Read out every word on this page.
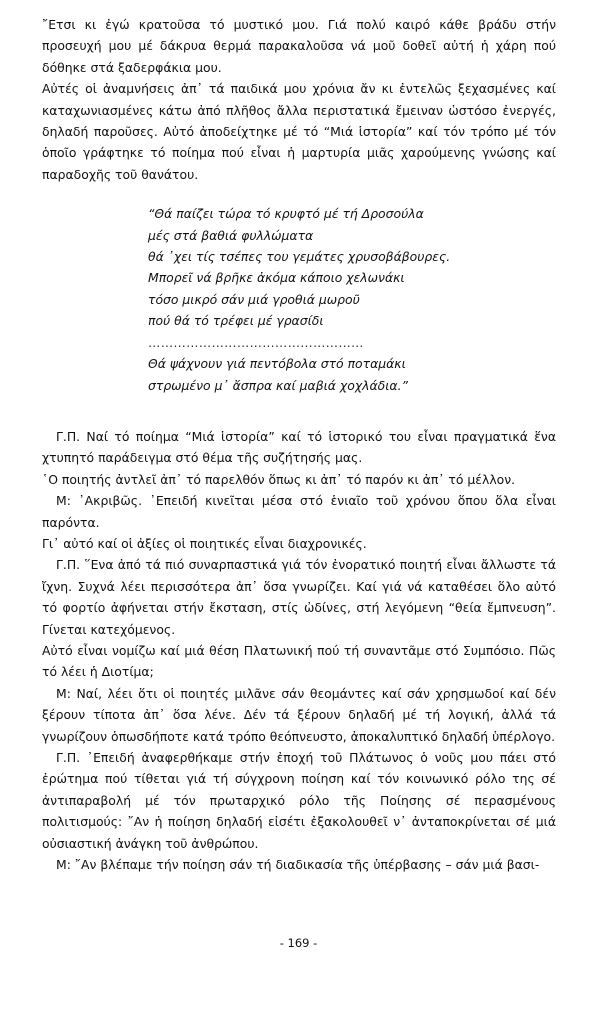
῎Ετσι κι ἐγώ κρατοῦσα τό μυστικό μου. Γιά πολύ καιρό κάθε βράδυ στήν προσευχή μου μέ δάκρυα θερμά παρακαλοῦσα νά μοῦ δοθεῖ αὐτή ἡ χάρη πού δόθηκε στά ξαδερφάκια μου.

Αὐτές οἱ ἀναμνήσεις ἀπ᾽ τά παιδικά μου χρόνια ἄν κι ἐντελῶς ξεχασμένες καί καταχωνιασμένες κάτω ἀπό πλῆθος ἄλλα περιστατικά ἔμειναν ὡστόσο ἐνεργές, δηλαδή παροῦσες. Αὐτό ἀποδείχτηκε μέ τό “Μιά ἱστορία” καί τόν τρόπο μέ τόν ὁποῖο γράφτηκε τό ποίημα πού εἶναι ἡ μαρτυρία μιᾶς χαρούμενης γνώσης καί παραδοχῆς τοῦ θανάτου.

“Θά παίζει τώρα τό κρυφτό μέ τή Δροσούλα
μές στά βαθιά φυλλώματα
θά ᾽χει τίς τσέπες του γεμάτες χρυσοβάβουρες.
Μπορεῖ νά βρῆκε ἀκόμα κάποιο χελωνάκι
τόσο μικρό σάν μιά γροθιά μωροῦ
πού θά τό τρέφει μέ γρασίδι
……………………………………………
Θά ψάχνουν γιά πεντόβολα στό ποταμάκι
στρωμένο μ᾽ ἄσπρα καί μαβιά χοχλάδια.”

Γ.Π. Ναί τό ποίημα “Μιά ἱστορία” καί τό ἱστορικό του εἶναι πραγματικά ἕνα χτυπητό παράδειγμα στό θέμα τῆς συζήτησής μας.

῾Ο ποιητής ἀντλεῖ ἀπ᾽ τό παρελθόν ὅπως κι ἀπ᾽ τό παρόν κι ἀπ᾽ τό μέλλον.

Μ: ᾽Ακριβῶς. ᾽Επειδή κινεῖται μέσα στό ἑνιαῖο τοῦ χρόνου ὅπου ὅλα εἶναι παρόντα.

Γι᾽ αὐτό καί οἱ ἀξίες οἱ ποιητικές εἶναι διαχρονικές.

Γ.Π. ῞Ενα ἀπό τά πιό συναρπαστικά γιά τόν ἐνορατικό ποιητή εἶναι ἄλλωστε τά ἴχνη. Συχνά λέει περισσότερα ἀπ᾽ ὅσα γνωρίζει. Καί γιά νά καταθέσει ὅλο αὐτό τό φορτίο ἀφήνεται στήν ἔκσταση, στίς ὠδίνες, στή λεγόμενη “θεία ἔμπνευση”. Γίνεται κατεχόμενος.

Αὐτό εἶναι νομίζω καί μιά θέση Πλατωνική πού τή συναντᾶμε στό Συμπόσιο. Πῶς τό λέει ἡ Διοτίμα;

Μ: Ναί, λέει ὅτι οἱ ποιητές μιλᾶνε σάν θεομάντες καί σάν χρησμωδοί καί δέν ξέρουν τίποτα ἀπ᾽ ὅσα λένε. Δέν τά ξέρουν δηλαδή μέ τή λογική, ἀλλά τά γνωρίζουν ὁπωσδήποτε κατά τρόπο θεόπνευστο, ἀποκαλυπτικό δηλαδή ὑπέρλογο.

Γ.Π. ᾽Επειδή ἀναφερθήκαμε στήν ἐποχή τοῦ Πλάτωνος ὁ νοῦς μου πάει στό ἐρώτημα πού τίθεται γιά τή σύγχρονη ποίηση καί τόν κοινωνικό ρόλο της σέ ἀντιπαραβολή μέ τόν πρωταρχικό ρόλο τῆς Ποίησης σέ περασμένους πολιτισμούς: ῎Αν ἡ ποίηση δηλαδή εἰσέτι ἐξακολουθεῖ ν᾽ ἀνταποκρίνεται σέ μιά οὐσιαστική ἀνάγκη τοῦ ἀνθρώπου.

Μ: ῎Αν βλέπαμε τήν ποίηση σάν τή διαδικασία τῆς ὑπέρβασης – σάν μιά βασι-

- 169 -
